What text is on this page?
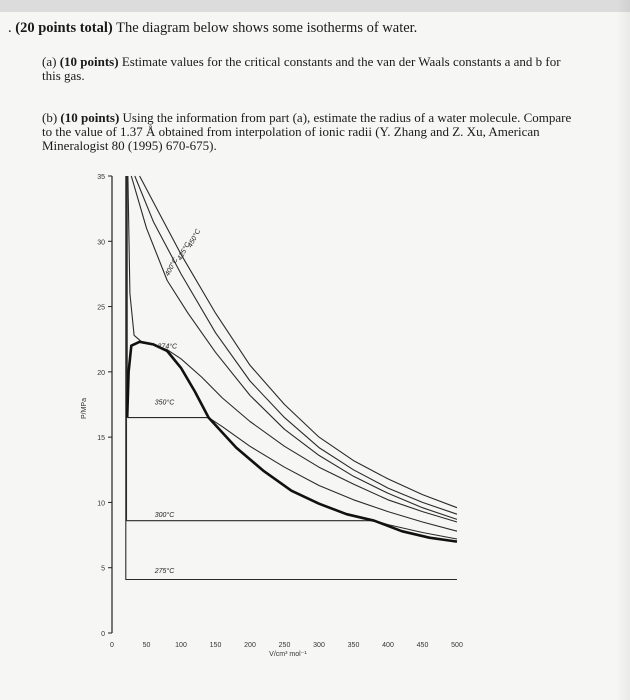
. (20 points total) The diagram below shows some isotherms of water.
(a) (10 points) Estimate values for the critical constants and the van der Waals constants a and b for this gas.
(b) (10 points) Using the information from part (a), estimate the radius of a water molecule. Compare to the value of 1.37 Å obtained from interpolation of ionic radii (Y. Zhang and Z. Xu, American Mineralogist 80 (1995) 670-675).
0
5
10
15
20
25
30
35
0	50	100	150	200	250	300	350	400	450	500
P/MPa
V/cm³ mol⁻¹
450°C
425°C
400°C
374°C
350°C
300°C
275°C
